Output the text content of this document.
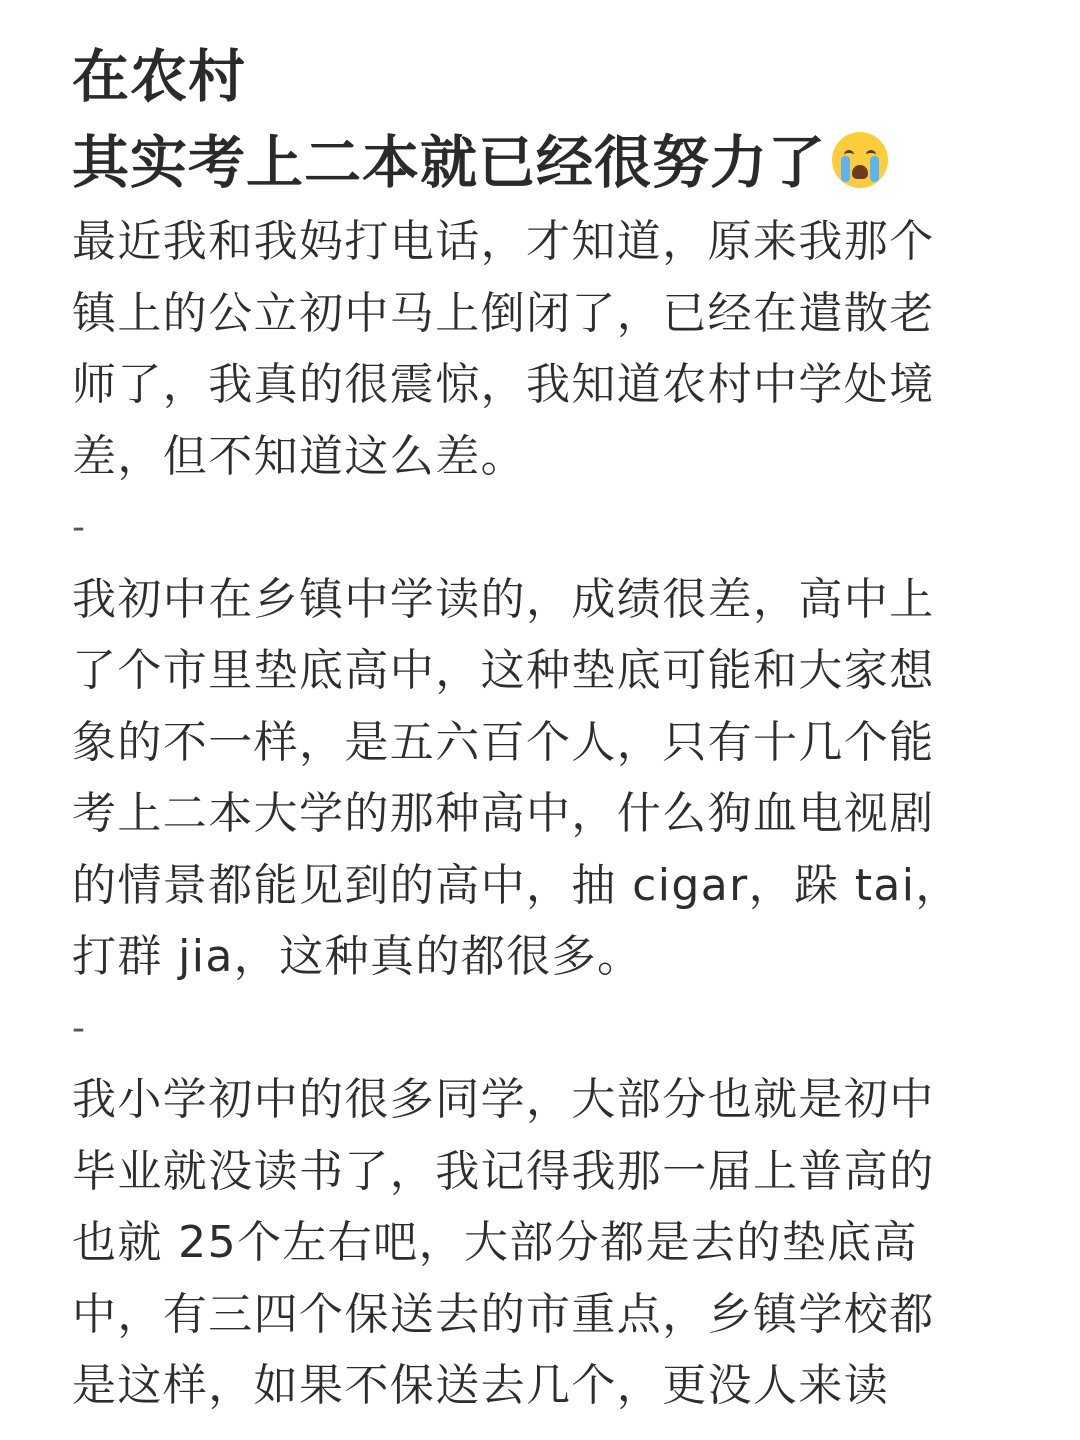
在农村
其实考上二本就已经很努力了

最近我和我妈打电话，才知道，原来我那个
镇上的公立初中马上倒闭了，已经在遣散老
师了，我真的很震惊，我知道农村中学处境
差，但不知道这么差。

-

我初中在乡镇中学读的，成绩很差，高中上
了个市里垫底高中，这种垫底可能和大家想
象的不一样，是五六百个人，只有十几个能
考上二本大学的那种高中，什么狗血电视剧
的情景都能见到的高中，抽 cigar，跺 tai，
打群 jia，这种真的都很多。

-

我小学初中的很多同学，大部分也就是初中
毕业就没读书了，我记得我那一届上普高的
也就 25个左右吧，大部分都是去的垫底高
中，有三四个保送去的市重点，乡镇学校都
是这样，如果不保送去几个，更没人来读
